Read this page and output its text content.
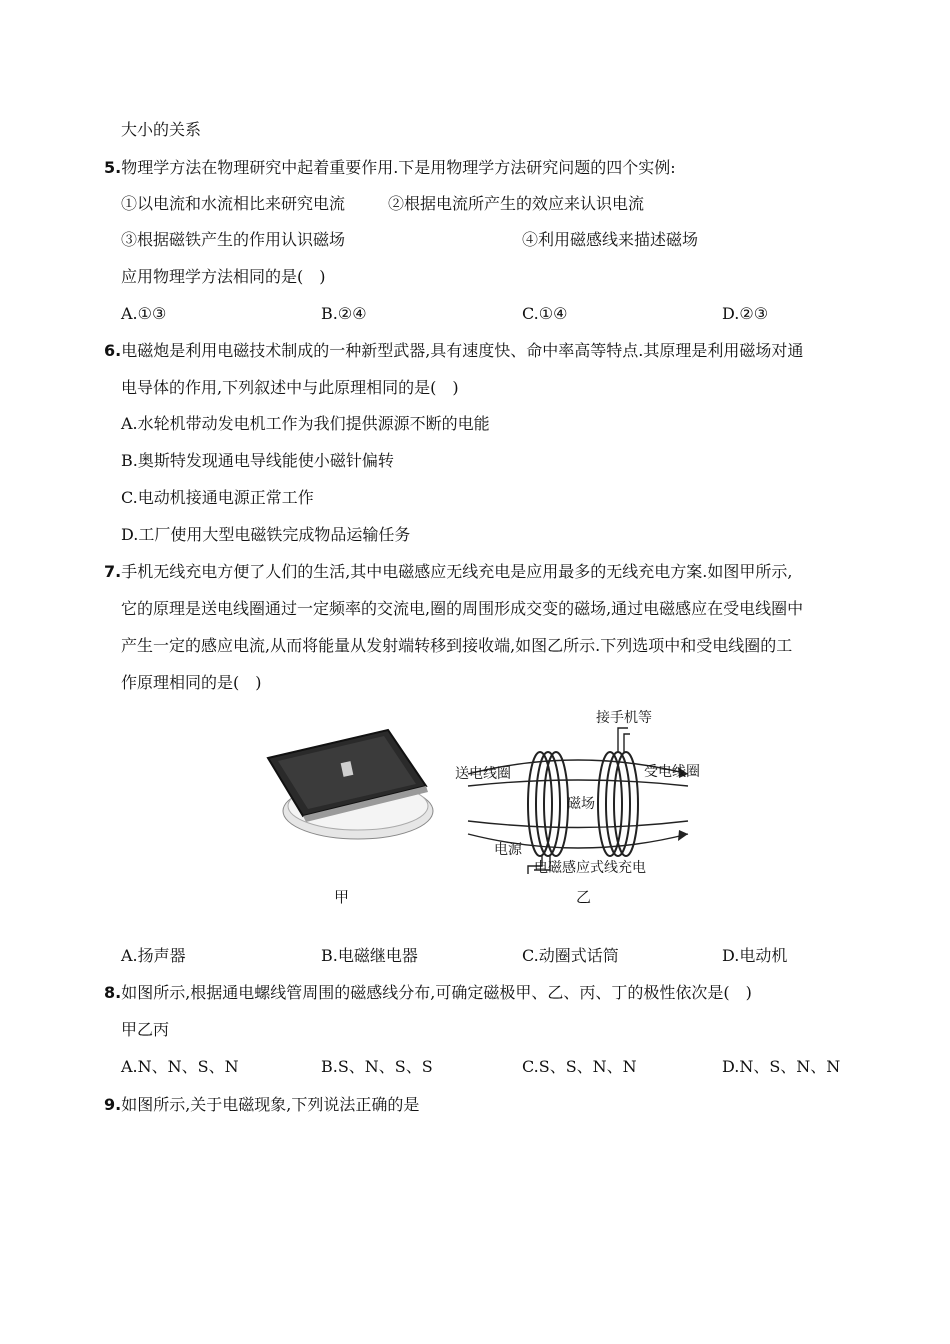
大小的关系
5.物理学方法在物理研究中起着重要作用.下是用物理学方法研究问题的四个实例:
①以电流和水流相比来研究电流	②根据电流所产生的效应来认识电流
③根据磁铁产生的作用认识磁场	④利用磁感线来描述磁场
应用物理学方法相同的是(　)
A.①③	B.②④	C.①④	D.②③
6.电磁炮是利用电磁技术制成的一种新型武器,具有速度快、命中率高等特点.其原理是利用磁场对通
电导体的作用,下列叙述中与此原理相同的是(　)
A.水轮机带动发电机工作为我们提供源源不断的电能
B.奥斯特发现通电导线能使小磁针偏转
C.电动机接通电源正常工作
D.工厂使用大型电磁铁完成物品运输任务
7.手机无线充电方便了人们的生活,其中电磁感应无线充电是应用最多的无线充电方案.如图甲所示,
它的原理是送电线圈通过一定频率的交流电,圈的周围形成交变的磁场,通过电磁感应在受电线圈中
产生一定的感应电流,从而将能量从发射端转移到接收端,如图乙所示.下列选项中和受电线圈的工
作原理相同的是(　)
接手机等
送电线圈	受电线圈
磁场
电源
电磁感应式线充电
甲	乙
A.扬声器	B.电磁继电器	C.动圈式话筒	D.电动机
8.如图所示,根据通电螺线管周围的磁感线分布,可确定磁极甲、乙、丙、丁的极性依次是(　)
甲乙丙
A.N、N、S、N	B.S、N、S、S	C.S、S、N、N	D.N、S、N、N
9.如图所示,关于电磁现象,下列说法正确的是
